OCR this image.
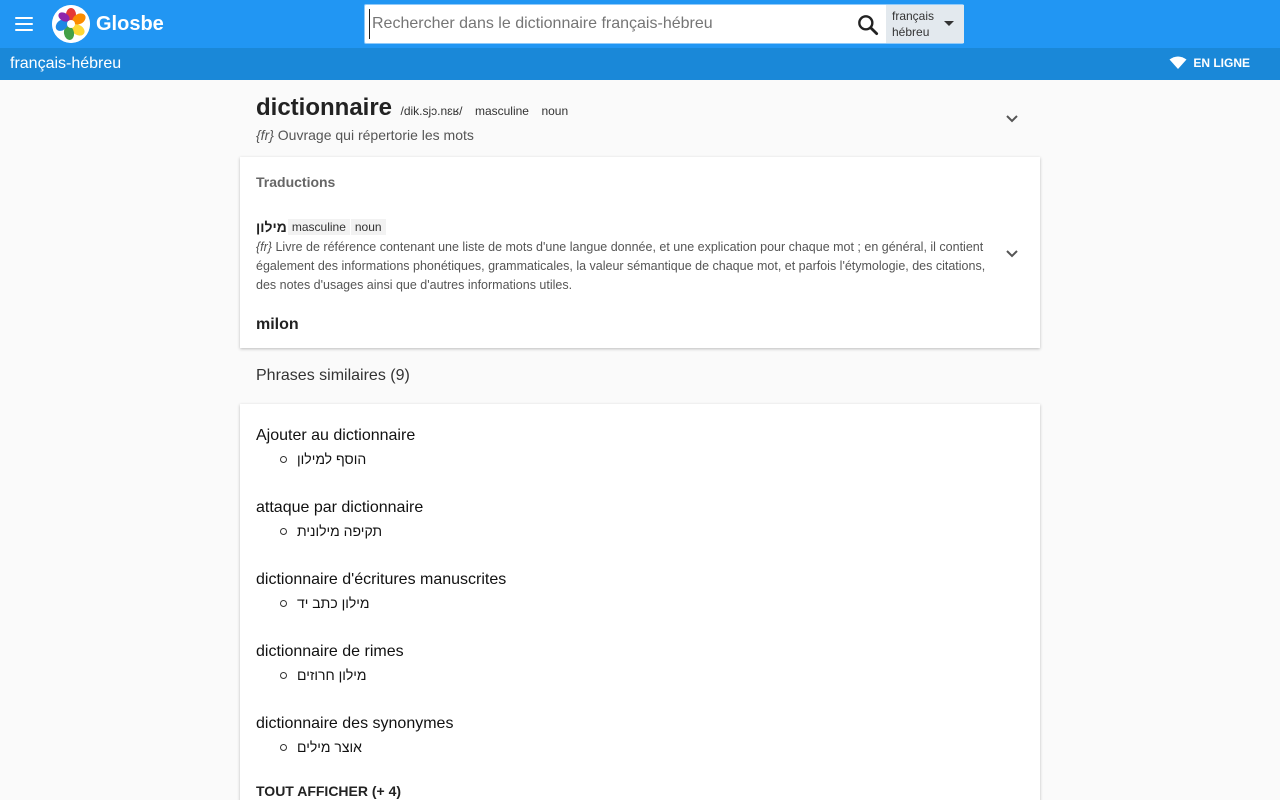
Glosbe
Rechercher dans le dictionnaire français-hébreu	français
hébreu
français-hébreu	EN LIGNE
dictionnaire /dik.sjɔ.nɛʁ/ masculine noun
{fr} Ouvrage qui répertorie les mots
Traductions
מילון masculine noun
{fr} Livre de référence contenant une liste de mots d'une langue donnée, et une explication pour chaque mot ; en général, il contient également des informations phonétiques, grammaticales, la valeur sémantique de chaque mot, et parfois l'étymologie, des citations, des notes d'usages ainsi que d'autres informations utiles.
milon
Phrases similaires (9)
Ajouter au dictionnaire
הוסף למילון
attaque par dictionnaire
תקיפה מילונית
dictionnaire d'écritures manuscrites
מילון כתב יד
dictionnaire de rimes
מילון חרוזים
dictionnaire des synonymes
אוצר מילים
TOUT AFFICHER (+ 4)
